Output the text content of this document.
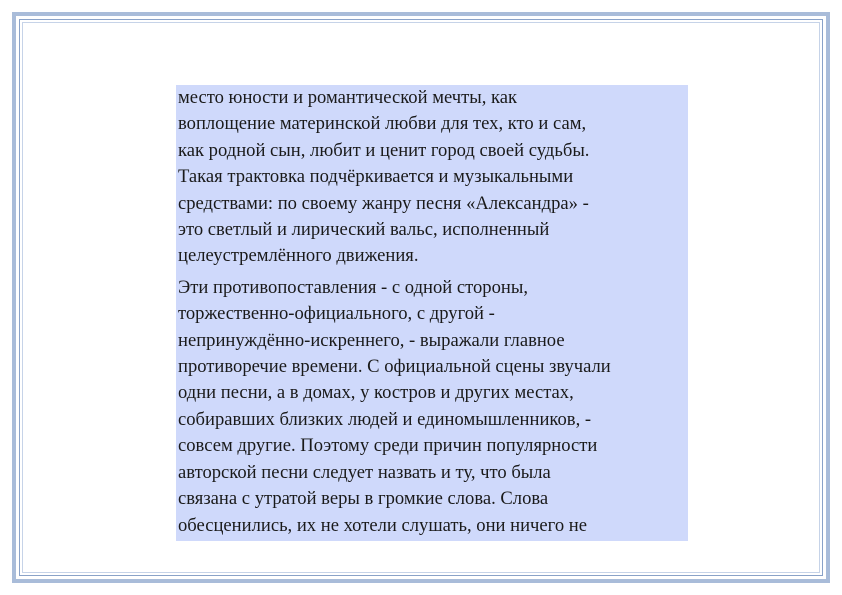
место юности и романтической мечты, как
воплощение материнской любви для тех, кто и сам,
как родной сын, любит и ценит город своей судьбы.
Такая трактовка подчёркивается и музыкальными
средствами: по своему жанру песня «Александра» -
это светлый и лирический вальс, исполненный
целеустремлённого движения.

Эти противопоставления - с одной стороны,
торжественно-официального, с другой -
непринуждённо-искреннего, - выражали главное
противоречие времени. С официальной сцены звучали
одни песни, а в домах, у костров и других местах,
собиравших близких людей и единомышленников, -
совсем другие. Поэтому среди причин популярности
авторской песни следует назвать и ту, что была
связана с утратой веры в громкие слова. Слова
обесценились, их не хотели слушать, они ничего не
